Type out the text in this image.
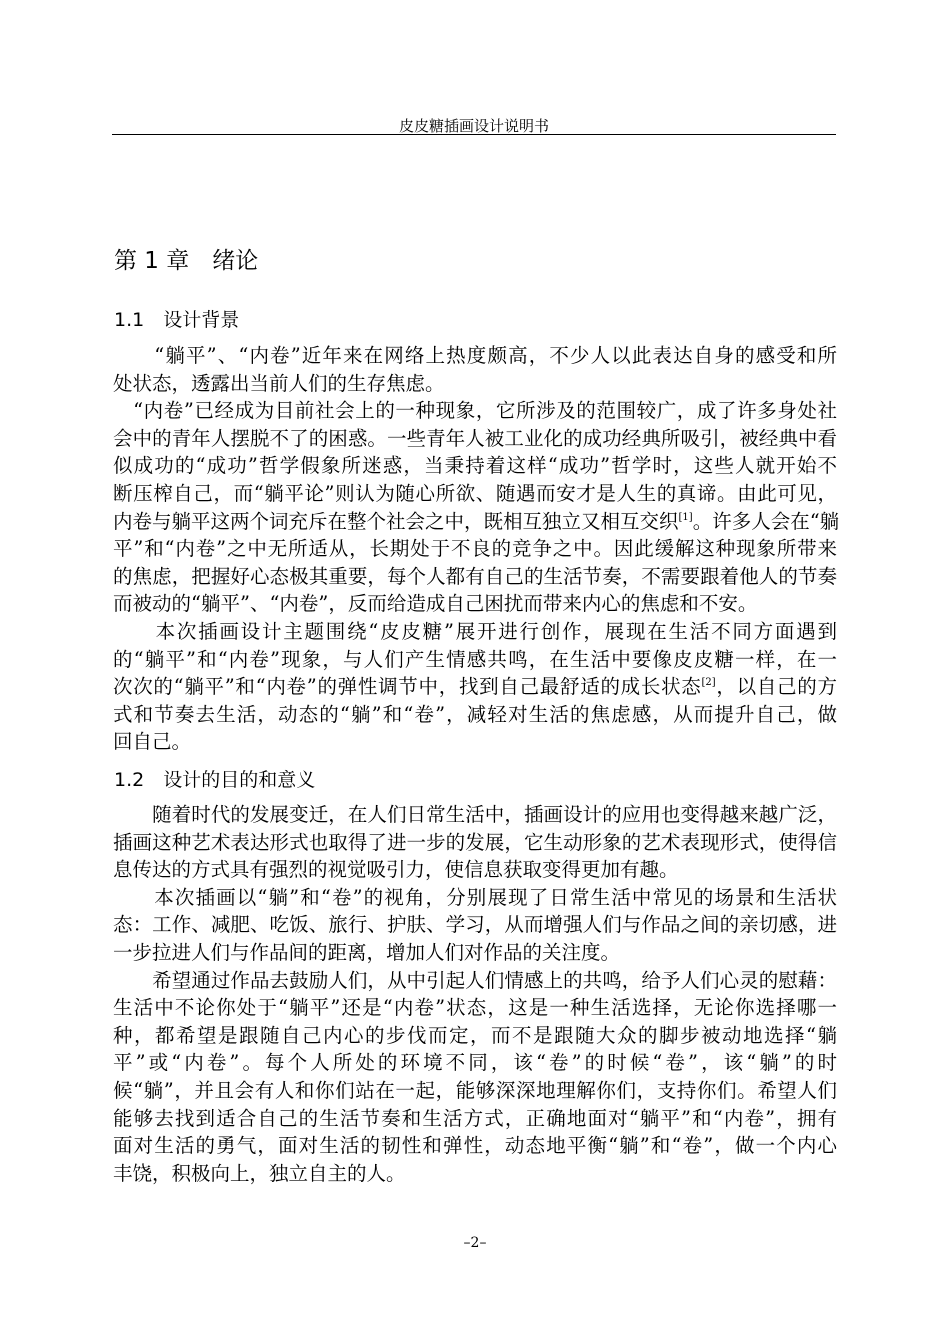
皮皮糖插画设计说明书
第 1 章　绪论
1.1　设计背景
　　“躺平”、“内卷”近年来在网络上热度颇高，不少人以此表达自身的感受和所
处状态，透露出当前人们的生存焦虑。
　“内卷”已经成为目前社会上的一种现象，它所涉及的范围较广，成了许多身处社
会中的青年人摆脱不了的困惑。一些青年人被工业化的成功经典所吸引，被经典中看
似成功的“成功”哲学假象所迷惑，当秉持着这样“成功”哲学时，这些人就开始不
断压榨自己，而“躺平论”则认为随心所欲、随遇而安才是人生的真谛。由此可见，
内卷与躺平这两个词充斥在整个社会之中，既相互独立又相互交织[1]。许多人会在“躺
平”和“内卷”之中无所适从，长期处于不良的竞争之中。因此缓解这种现象所带来
的焦虑，把握好心态极其重要，每个人都有自己的生活节奏，不需要跟着他人的节奏
而被动的“躺平”、“内卷”，反而给造成自己困扰而带来内心的焦虑和不安。
　　本次插画设计主题围绕“皮皮糖”展开进行创作，展现在生活不同方面遇到
的“躺平”和“内卷”现象，与人们产生情感共鸣，在生活中要像皮皮糖一样，在一
次次的“躺平”和“内卷”的弹性调节中，找到自己最舒适的成长状态[2]，以自己的方
式和节奏去生活，动态的“躺”和“卷”，减轻对生活的焦虑感，从而提升自己，做
回自己。
1.2　设计的目的和意义
　　随着时代的发展变迁，在人们日常生活中，插画设计的应用也变得越来越广泛，
插画这种艺术表达形式也取得了进一步的发展，它生动形象的艺术表现形式，使得信
息传达的方式具有强烈的视觉吸引力，使信息获取变得更加有趣。
　　本次插画以“躺”和“卷”的视角，分别展现了日常生活中常见的场景和生活状
态：工作、减肥、吃饭、旅行、护肤、学习，从而增强人们与作品之间的亲切感，进
一步拉进人们与作品间的距离，增加人们对作品的关注度。
　　希望通过作品去鼓励人们，从中引起人们情感上的共鸣，给予人们心灵的慰藉：
生活中不论你处于“躺平”还是“内卷”状态，这是一种生活选择，无论你选择哪一
种，都希望是跟随自己内心的步伐而定，而不是跟随大众的脚步被动地选择“躺
平”或“内卷”。每个人所处的环境不同，该“卷”的时候“卷”，该“躺”的时
候“躺”，并且会有人和你们站在一起，能够深深地理解你们，支持你们。希望人们
能够去找到适合自己的生活节奏和生活方式，正确地面对“躺平”和“内卷”，拥有
面对生活的勇气，面对生活的韧性和弹性，动态地平衡“躺”和“卷”，做一个内心
丰饶，积极向上，独立自主的人。
–2–
